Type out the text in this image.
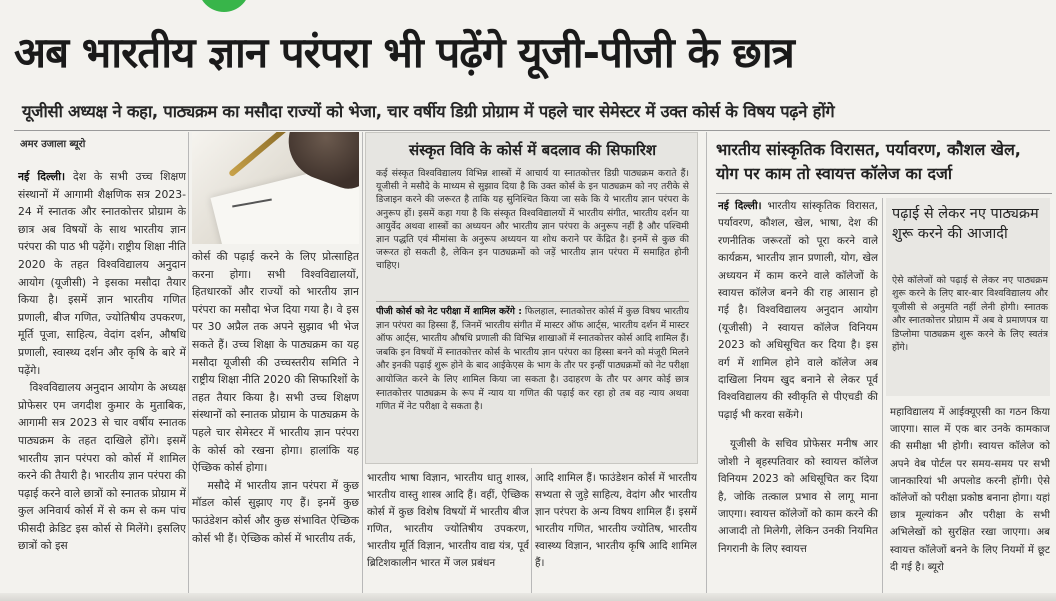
अब भारतीय ज्ञान परंपरा भी पढ़ेंगे यूजी-पीजी के छात्र
यूजीसी अध्यक्ष ने कहा, पाठ्यक्रम का मसौदा राज्यों को भेजा, चार वर्षीय डिग्री प्रोग्राम में पहले चार सेमेस्टर में उक्त कोर्स के विषय पढ़ने होंगे
अमर उजाला ब्यूरो
नई दिल्ली। देश के सभी उच्च शिक्षण संस्थानों में आगामी शैक्षणिक सत्र 2023-24 में स्नातक और स्नातकोत्तर प्रोग्राम के छात्र अब विषयों के साथ भारतीय ज्ञान परंपरा की पाठ भी पढ़ेंगे। राष्ट्रीय शिक्षा नीति 2020 के तहत विश्वविद्यालय अनुदान आयोग (यूजीसी) ने इसका मसौदा तैयार किया है। इसमें ज्ञान भारतीय गणित प्रणाली, बीज गणित, ज्योतिषीय उपकरण, मूर्ति पूजा, साहित्य, वेदांग दर्शन, औषधि प्रणाली, स्वास्थ्य दर्शन और कृषि के बारे में पढ़ेंगे।
विश्वविद्यालय अनुदान आयोग के अध्यक्ष प्रोफेसर एम जगदीश कुमार के मुताबिक, आगामी सत्र 2023 से चार वर्षीय स्नातक पाठ्यक्रम के तहत दाखिले होंगे। इसमें भारतीय ज्ञान परंपरा को कोर्स में शामिल करने की तैयारी है। भारतीय ज्ञान परंपरा की पढ़ाई करने वाले छात्रों को स्नातक प्रोग्राम में कुल अनिवार्य कोर्स में से कम से कम पांच फीसदी क्रेडिट इस कोर्स से मिलेंगे। इसलिए छात्रों को इस
कोर्स की पढ़ाई करने के लिए प्रोत्साहित करना होगा। सभी विश्वविद्यालयों, हितधारकों और राज्यों को भारतीय ज्ञान परंपरा का मसौदा भेज दिया गया है। वे इस पर 30 अप्रैल तक अपने सुझाव भी भेज सकते हैं। उच्च शिक्षा के पाठ्यक्रम का यह मसौदा यूजीसी की उच्चस्तरीय समिति ने राष्ट्रीय शिक्षा नीति 2020 की सिफारिशों के तहत तैयार किया है। सभी उच्च शिक्षण संस्थानों को स्नातक प्रोग्राम के पाठ्यक्रम के पहले चार सेमेस्टर में भारतीय ज्ञान परंपरा के कोर्स को रखना होगा। हालांकि यह ऐच्छिक कोर्स होगा।
मसौदे में भारतीय ज्ञान परंपरा में कुछ मॉडल कोर्स सुझाए गए हैं। इनमें कुछ फाउंडेशन कोर्स और कुछ संभावित ऐच्छिक कोर्स भी हैं। ऐच्छिक कोर्स में भारतीय तर्क,
संस्कृत विवि के कोर्स में बदलाव की सिफारिश
कई संस्कृत विश्वविद्यालय विभिन्न शास्त्रों में आचार्य या स्नातकोत्तर डिग्री पाठ्यक्रम कराते हैं। यूजीसी ने मसौदे के माध्यम से सुझाव दिया है कि उक्त कोर्स के इन पाठ्यक्रम को नए तरीके से डिजाइन करने की जरूरत है ताकि यह सुनिश्चित किया जा सके कि ये भारतीय ज्ञान परंपरा के अनुरूप हों। इसमें कहा गया है कि संस्कृत विश्वविद्यालयों में भारतीय संगीत, भारतीय दर्शन या आयुर्वेद अथवा शास्त्रों का अध्ययन और भारतीय ज्ञान परंपरा के अनुरूप नहीं है और पश्चिमी ज्ञान पद्धति एवं मीमांसा के अनुरूप अध्ययन या शोध कराने पर केंद्रित है। इनमें से कुछ की जरूरत हो सकती है, लेकिन इन पाठ्यक्रमों को जड़ें भारतीय ज्ञान परंपरा में समाहित होनी चाहिए।
पीजी कोर्स को नेट परीक्षा में शामिल करेंगे : फिलहाल, स्नातकोत्तर कोर्स में कुछ विषय भारतीय ज्ञान परंपरा का हिस्सा हैं, जिनमें भारतीय संगीत में मास्टर ऑफ आर्ट्स, भारतीय दर्शन में मास्टर ऑफ आर्ट्स, भारतीय औषधि प्रणाली की विभिन्न शाखाओं में स्नातकोत्तर कोर्स आदि शामिल हैं। जबकि इन विषयों में स्नातकोत्तर कोर्स के भारतीय ज्ञान परंपरा का हिस्सा बनने को मंजूरी मिलने और इनकी पढ़ाई शुरू होने के बाद आईकेएस के भाग के तौर पर इन्हीं पाठ्यक्रमों को नेट परीक्षा आयोजित करने के लिए शामिल किया जा सकता है। उदाहरण के तौर पर अगर कोई छात्र स्नातकोत्तर पाठ्यक्रम के रूप में न्याय या गणित की पढ़ाई कर रहा हो तब वह न्याय अथवा गणित में नेट परीक्षा दे सकता है।
भारतीय भाषा विज्ञान, भारतीय धातु शास्त्र, भारतीय वास्तु शास्त्र आदि हैं। वहीं, ऐच्छिक कोर्स में कुछ विशेष विषयों में भारतीय बीज गणित, भारतीय ज्योतिषीय उपकरण, भारतीय मूर्ति विज्ञान, भारतीय वाद्य यंत्र, पूर्व ब्रिटिशकालीन भारत में जल प्रबंधन
आदि शामिल हैं। फाउंडेशन कोर्स में भारतीय सभ्यता से जुड़े साहित्य, वेदांग और भारतीय ज्ञान परंपरा के अन्य विषय शामिल हैं। इसमें भारतीय गणित, भारतीय ज्योतिष, भारतीय स्वास्थ्य विज्ञान, भारतीय कृषि आदि शामिल हैं।
भारतीय सांस्कृतिक विरासत, पर्यावरण, कौशल खेल, योग पर काम तो स्वायत्त कॉलेज का दर्जा
नई दिल्ली। भारतीय सांस्कृतिक विरासत, पर्यावरण, कौशल, खेल, भाषा, देश की रणनीतिक जरूरतों को पूरा करने वाले कार्यक्रम, भारतीय ज्ञान प्रणाली, योग, खेल अध्ययन में काम करने वाले कॉलेजों के स्वायत्त कॉलेज बनने की राह आसान हो गई है। विश्वविद्यालय अनुदान आयोग (यूजीसी) ने स्वायत्त कॉलेज विनियम 2023 को अधिसूचित कर दिया है। इस वर्ग में शामिल होने वाले कॉलेज अब दाखिला नियम खुद बनाने से लेकर पूर्व विश्वविद्यालय की स्वीकृति से पीएचडी की पढ़ाई भी करवा सकेंगे।
यूजीसी के सचिव प्रोफेसर मनीष आर जोशी ने बृहस्पतिवार को स्वायत्त कॉलेज विनियम 2023 को अधिसूचित कर दिया है, जोकि तत्काल प्रभाव से लागू माना जाएगा। स्वायत्त कॉलेजों को काम करने की आजादी तो मिलेगी, लेकिन उनकी नियमित निगरानी के लिए स्वायत्त
पढ़ाई से लेकर नए पाठ्यक्रम शुरू करने की आजादी
ऐसे कॉलेजों को पढ़ाई से लेकर नए पाठ्यक्रम शुरू करने के लिए बार-बार विश्वविद्यालय और यूजीसी से अनुमति नहीं लेनी होगी। स्नातक और स्नातकोत्तर प्रोग्राम में अब वे प्रमाणपत्र या डिप्लोमा पाठ्यक्रम शुरू करने के लिए स्वतंत्र होंगे।
महाविद्यालय में आईक्यूएसी का गठन किया जाएगा। साल में एक बार उनके कामकाज की समीक्षा भी होगी। स्वायत्त कॉलेज को अपने वेब पोर्टल पर समय-समय पर सभी जानकारियां भी अपलोड करनी होंगी। ऐसे कॉलेजों को परीक्षा प्रकोष्ठ बनाना होगा। यहां छात्र मूल्यांकन और परीक्षा के सभी अभिलेखों को सुरक्षित रखा जाएगा। अब स्वायत्त कॉलेजों बनने के लिए नियमों में छूट दी गई है। ब्यूरो
